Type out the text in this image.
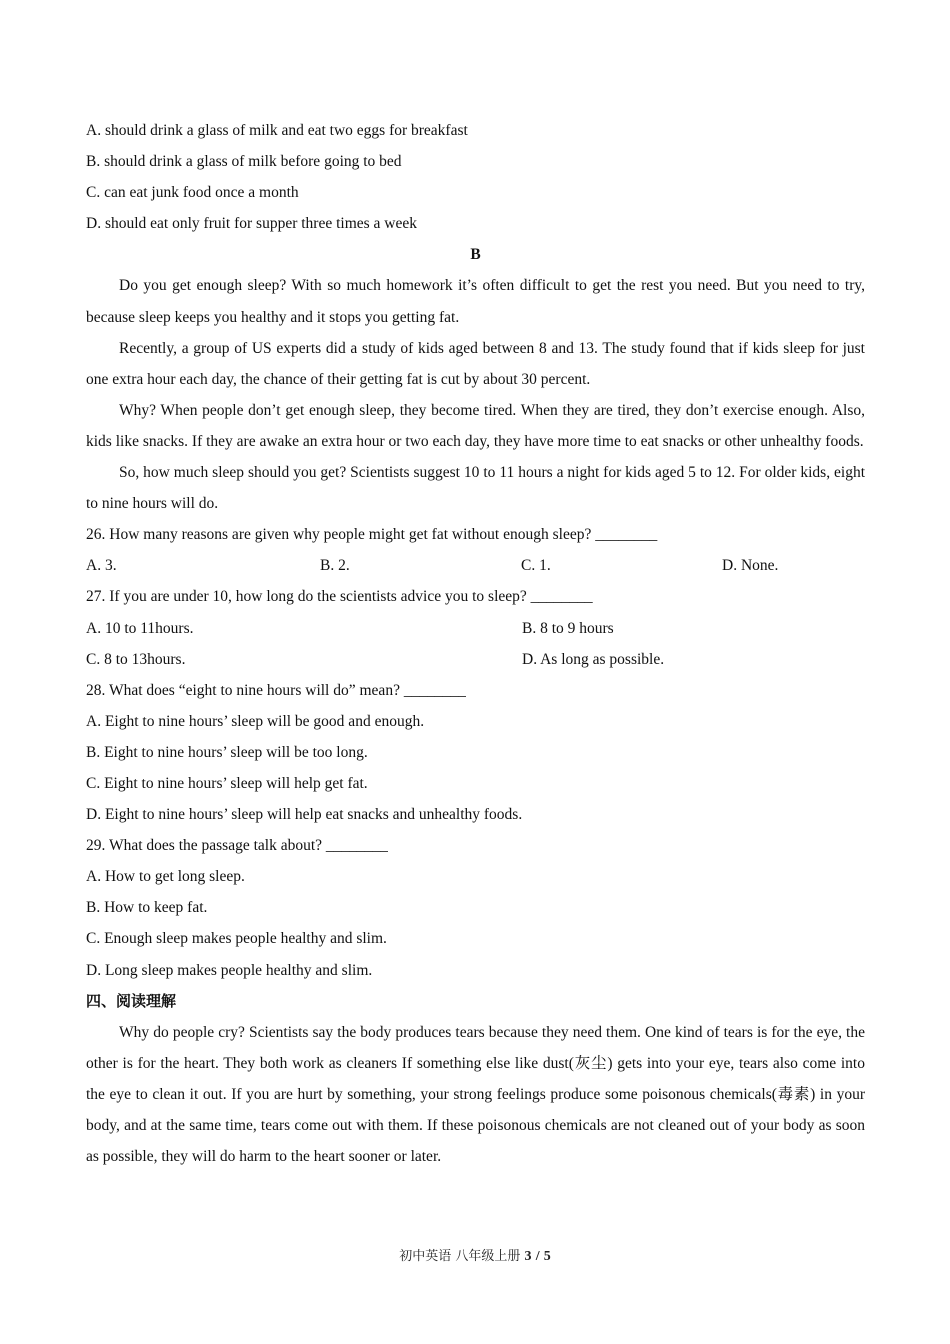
A. should drink a glass of milk and eat two eggs for breakfast
B. should drink a glass of milk before going to bed
C. can eat junk food once a month
D. should eat only fruit for supper three times a week
B
Do you get enough sleep? With so much homework it’s often difficult to get the rest you need. But you need to try, because sleep keeps you healthy and it stops you getting fat.
Recently, a group of US experts did a study of kids aged between 8 and 13. The study found that if kids sleep for just one extra hour each day, the chance of their getting fat is cut by about 30 percent.
Why? When people don’t get enough sleep, they become tired. When they are tired, they don’t exercise enough. Also, kids like snacks. If they are awake an extra hour or two each day, they have more time to eat snacks or other unhealthy foods.
So, how much sleep should you get? Scientists suggest 10 to 11 hours a night for kids aged 5 to 12. For older kids, eight to nine hours will do.
26. How many reasons are given why people might get fat without enough sleep? ________
A. 3.	B. 2.	C. 1.	D. None.
27. If you are under 10, how long do the scientists advice you to sleep? ________
A. 10 to 11hours.	B. 8 to 9 hours
C. 8 to 13hours.	D. As long as possible.
28. What does “eight to nine hours will do” mean? ________
A. Eight to nine hours’ sleep will be good and enough.
B. Eight to nine hours’ sleep will be too long.
C. Eight to nine hours’ sleep will help get fat.
D. Eight to nine hours’ sleep will help eat snacks and unhealthy foods.
29. What does the passage talk about? ________
A. How to get long sleep.
B. How to keep fat.
C. Enough sleep makes people healthy and slim.
D. Long sleep makes people healthy and slim.
四、阅读理解
Why do people cry? Scientists say the body produces tears because they need them. One kind of tears is for the eye, the other is for the heart. They both work as cleaners If something else like dust(灰尘) gets into your eye, tears also come into the eye to clean it out. If you are hurt by something, your strong feelings produce some poisonous chemicals(毒素) in your body, and at the same time, tears come out with them. If these poisonous chemicals are not cleaned out of your body as soon as possible, they will do harm to the heart sooner or later.
初中英语 八年级上册 3 / 5
